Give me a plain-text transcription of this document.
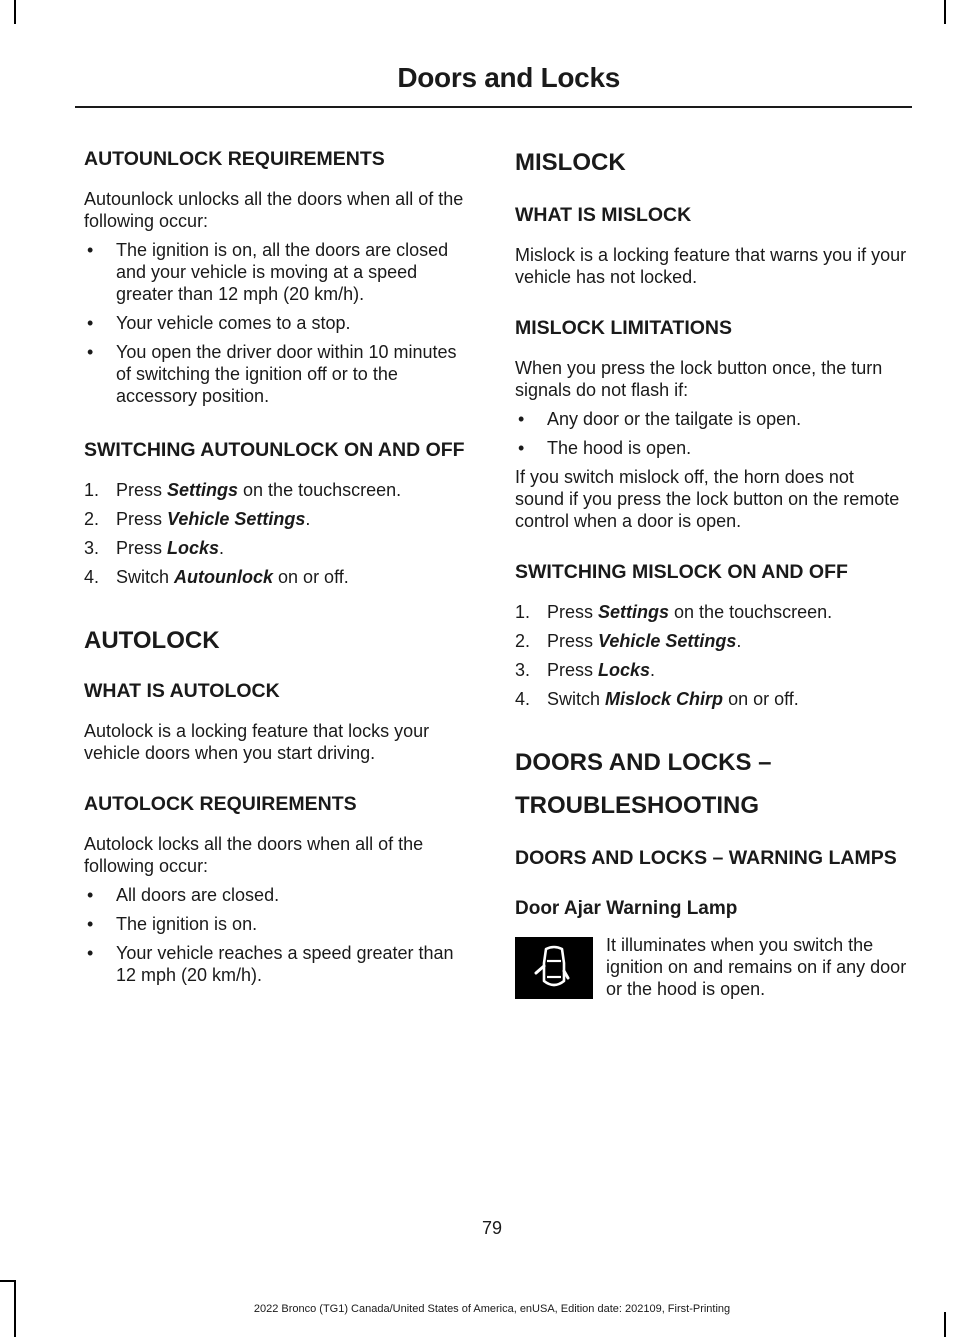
Doors and Locks
AUTOUNLOCK REQUIREMENTS

Autounlock unlocks all the doors when all of the following occur:

• The ignition is on, all the doors are closed and your vehicle is moving at a speed greater than 12 mph (20 km/h).
• Your vehicle comes to a stop.
• You open the driver door within 10 minutes of switching the ignition off or to the accessory position.
SWITCHING AUTOUNLOCK ON AND OFF
1. Press Settings on the touchscreen.
2. Press Vehicle Settings.
3. Press Locks.
4. Switch Autounlock on or off.
AUTOLOCK
WHAT IS AUTOLOCK

Autolock is a locking feature that locks your vehicle doors when you start driving.

AUTOLOCK REQUIREMENTS

Autolock locks all the doors when all of the following occur:

• All doors are closed.
• The ignition is on.
• Your vehicle reaches a speed greater than 12 mph (20 km/h).
MISLOCK
WHAT IS MISLOCK

Mislock is a locking feature that warns you if your vehicle has not locked.

MISLOCK LIMITATIONS

When you press the lock button once, the turn signals do not flash if:

• Any door or the tailgate is open.
• The hood is open.

If you switch mislock off, the horn does not sound if you press the lock button on the remote control when a door is open.

SWITCHING MISLOCK ON AND OFF
1. Press Settings on the touchscreen.
2. Press Vehicle Settings.
3. Press Locks.
4. Switch Mislock Chirp on or off.
DOORS AND LOCKS –
TROUBLESHOOTING
DOORS AND LOCKS – WARNING LAMPS
Door Ajar Warning Lamp

It illuminates when you switch the ignition on and remains on if any door or the hood is open.

79
2022 Bronco (TG1) Canada/United States of America, enUSA, Edition date: 202109, First-Printing
